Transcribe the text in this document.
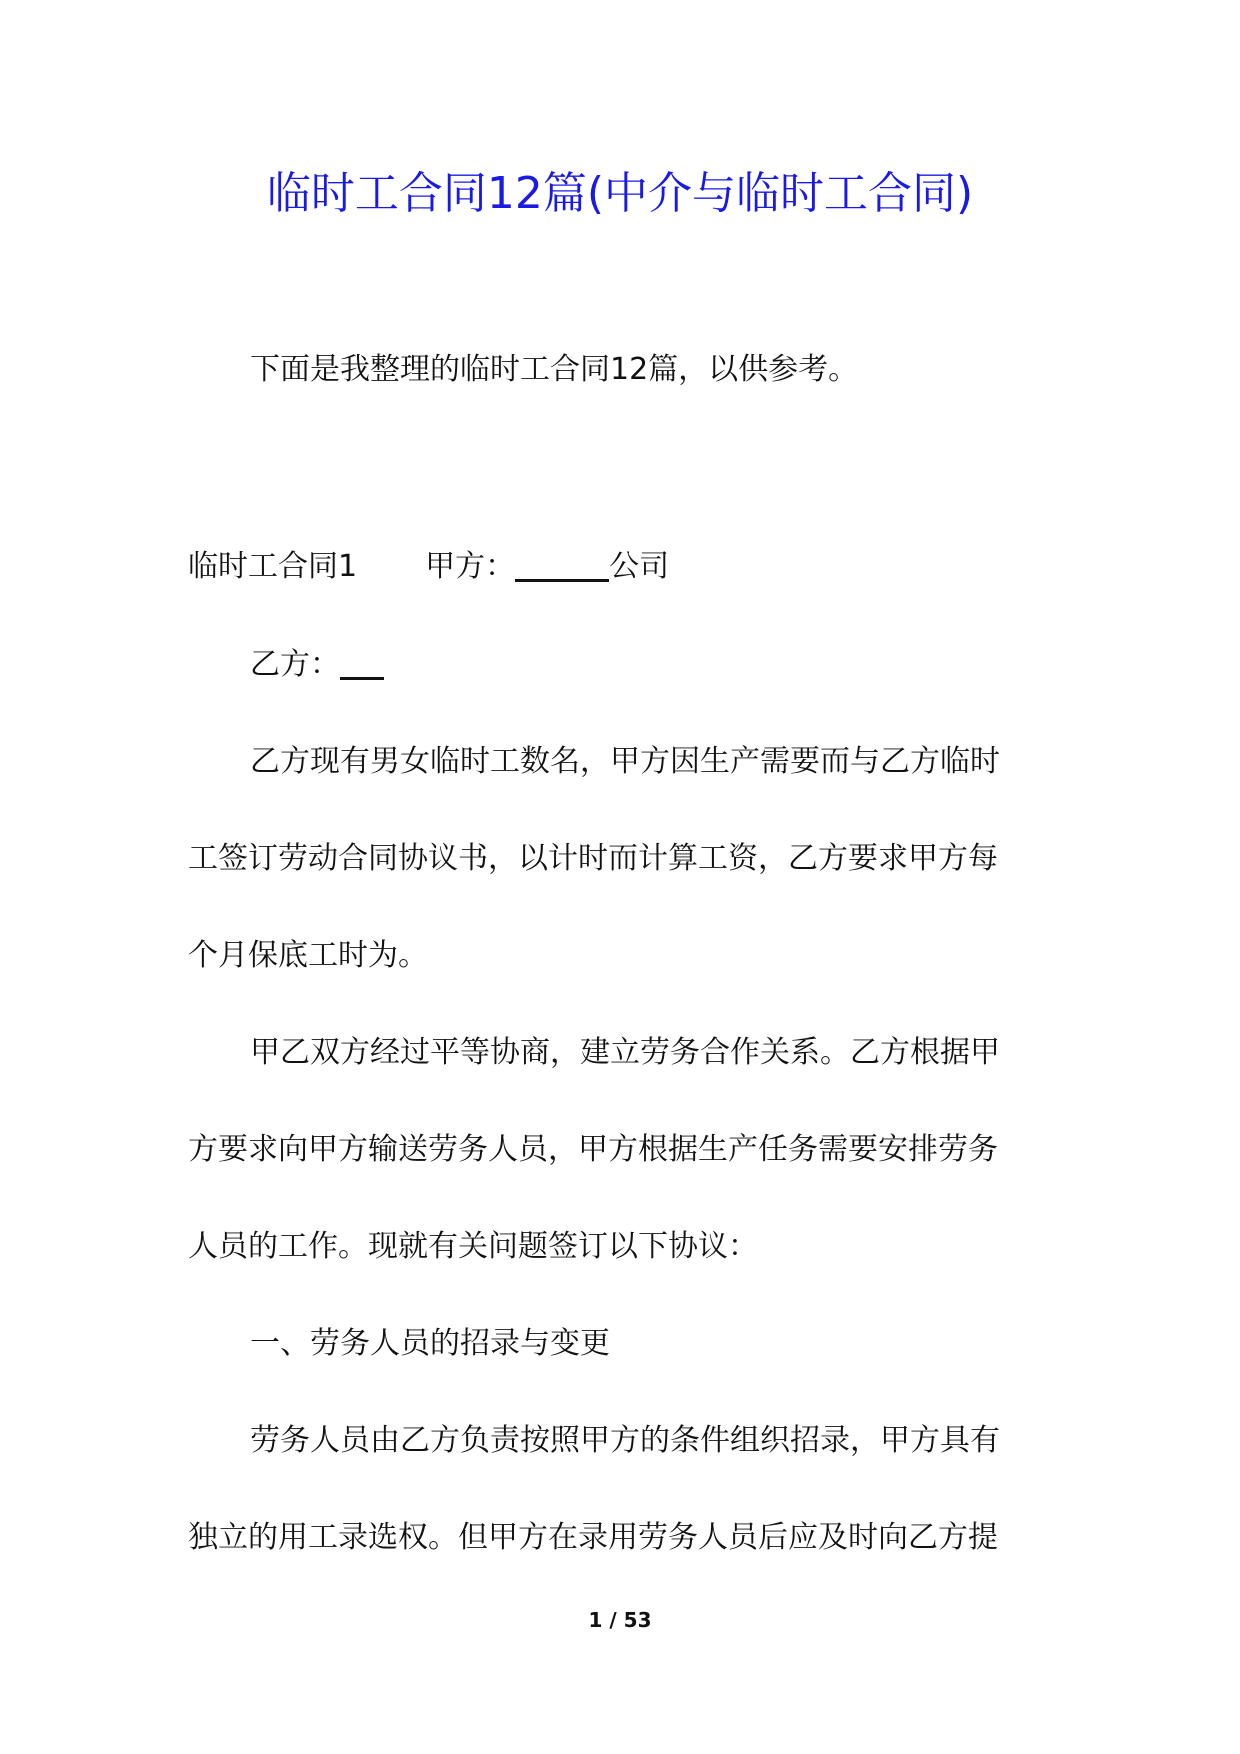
临时工合同12篇(中介与临时工合同)
下面是我整理的临时工合同12篇，以供参考。
临时工合同1 甲方：	公司
乙方：
乙方现有男女临时工数名，甲方因生产需要而与乙方临时
工签订劳动合同协议书，以计时而计算工资，乙方要求甲方每
个月保底工时为。
甲乙双方经过平等协商，建立劳务合作关系。乙方根据甲
方要求向甲方输送劳务人员，甲方根据生产任务需要安排劳务
人员的工作。现就有关问题签订以下协议：
一、劳务人员的招录与变更
劳务人员由乙方负责按照甲方的条件组织招录，甲方具有
独立的用工录选权。但甲方在录用劳务人员后应及时向乙方提
1 / 53
